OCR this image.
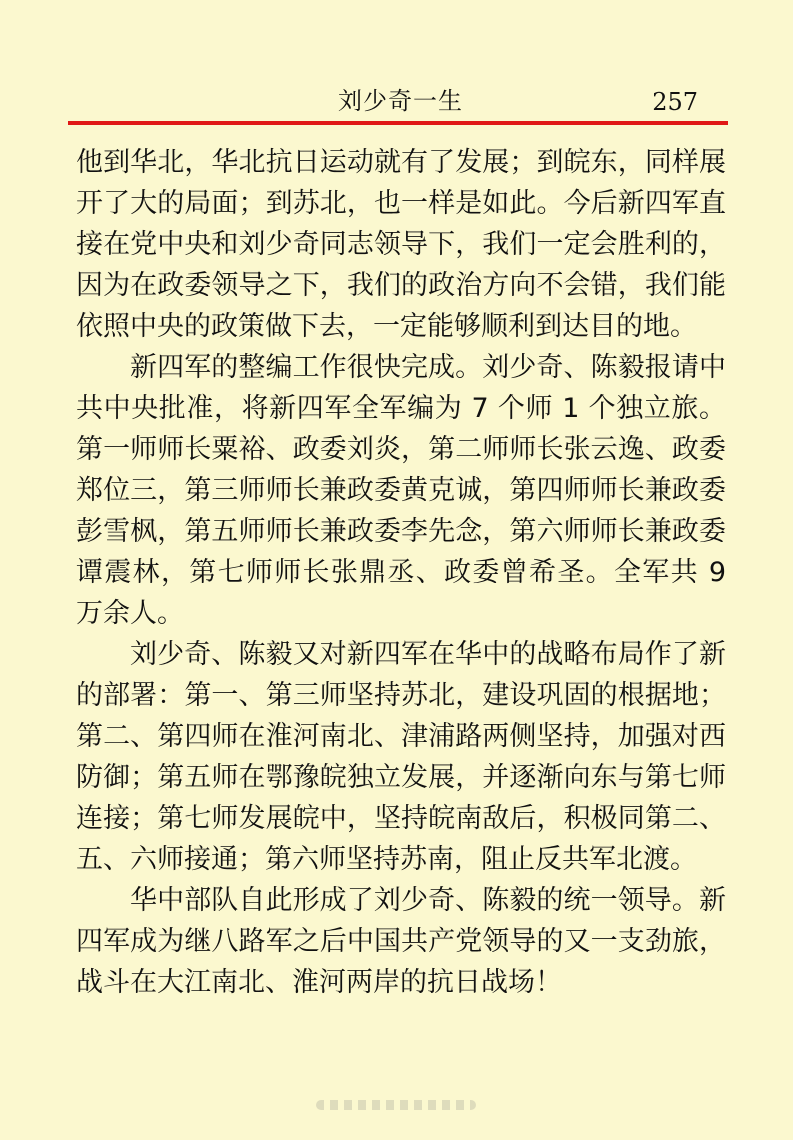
刘少奇一生	257

他到华北，华北抗日运动就有了发展；到皖东，同样展开了大的局面；到苏北，也一样是如此。今后新四军直接在党中央和刘少奇同志领导下，我们一定会胜利的，因为在政委领导之下，我们的政治方向不会错，我们能依照中央的政策做下去，一定能够顺利到达目的地。

新四军的整编工作很快完成。刘少奇、陈毅报请中共中央批准，将新四军全军编为 7 个师 1 个独立旅。第一师师长粟裕、政委刘炎，第二师师长张云逸、政委郑位三，第三师师长兼政委黄克诚，第四师师长兼政委彭雪枫，第五师师长兼政委李先念，第六师师长兼政委谭震林，第七师师长张鼎丞、政委曾希圣。全军共 9 万余人。

刘少奇、陈毅又对新四军在华中的战略布局作了新的部署：第一、第三师坚持苏北，建设巩固的根据地；第二、第四师在淮河南北、津浦路两侧坚持，加强对西防御；第五师在鄂豫皖独立发展，并逐渐向东与第七师连接；第七师发展皖中，坚持皖南敌后，积极同第二、五、六师接通；第六师坚持苏南，阻止反共军北渡。

华中部队自此形成了刘少奇、陈毅的统一领导。新四军成为继八路军之后中国共产党领导的又一支劲旅，战斗在大江南北、淮河两岸的抗日战场！
